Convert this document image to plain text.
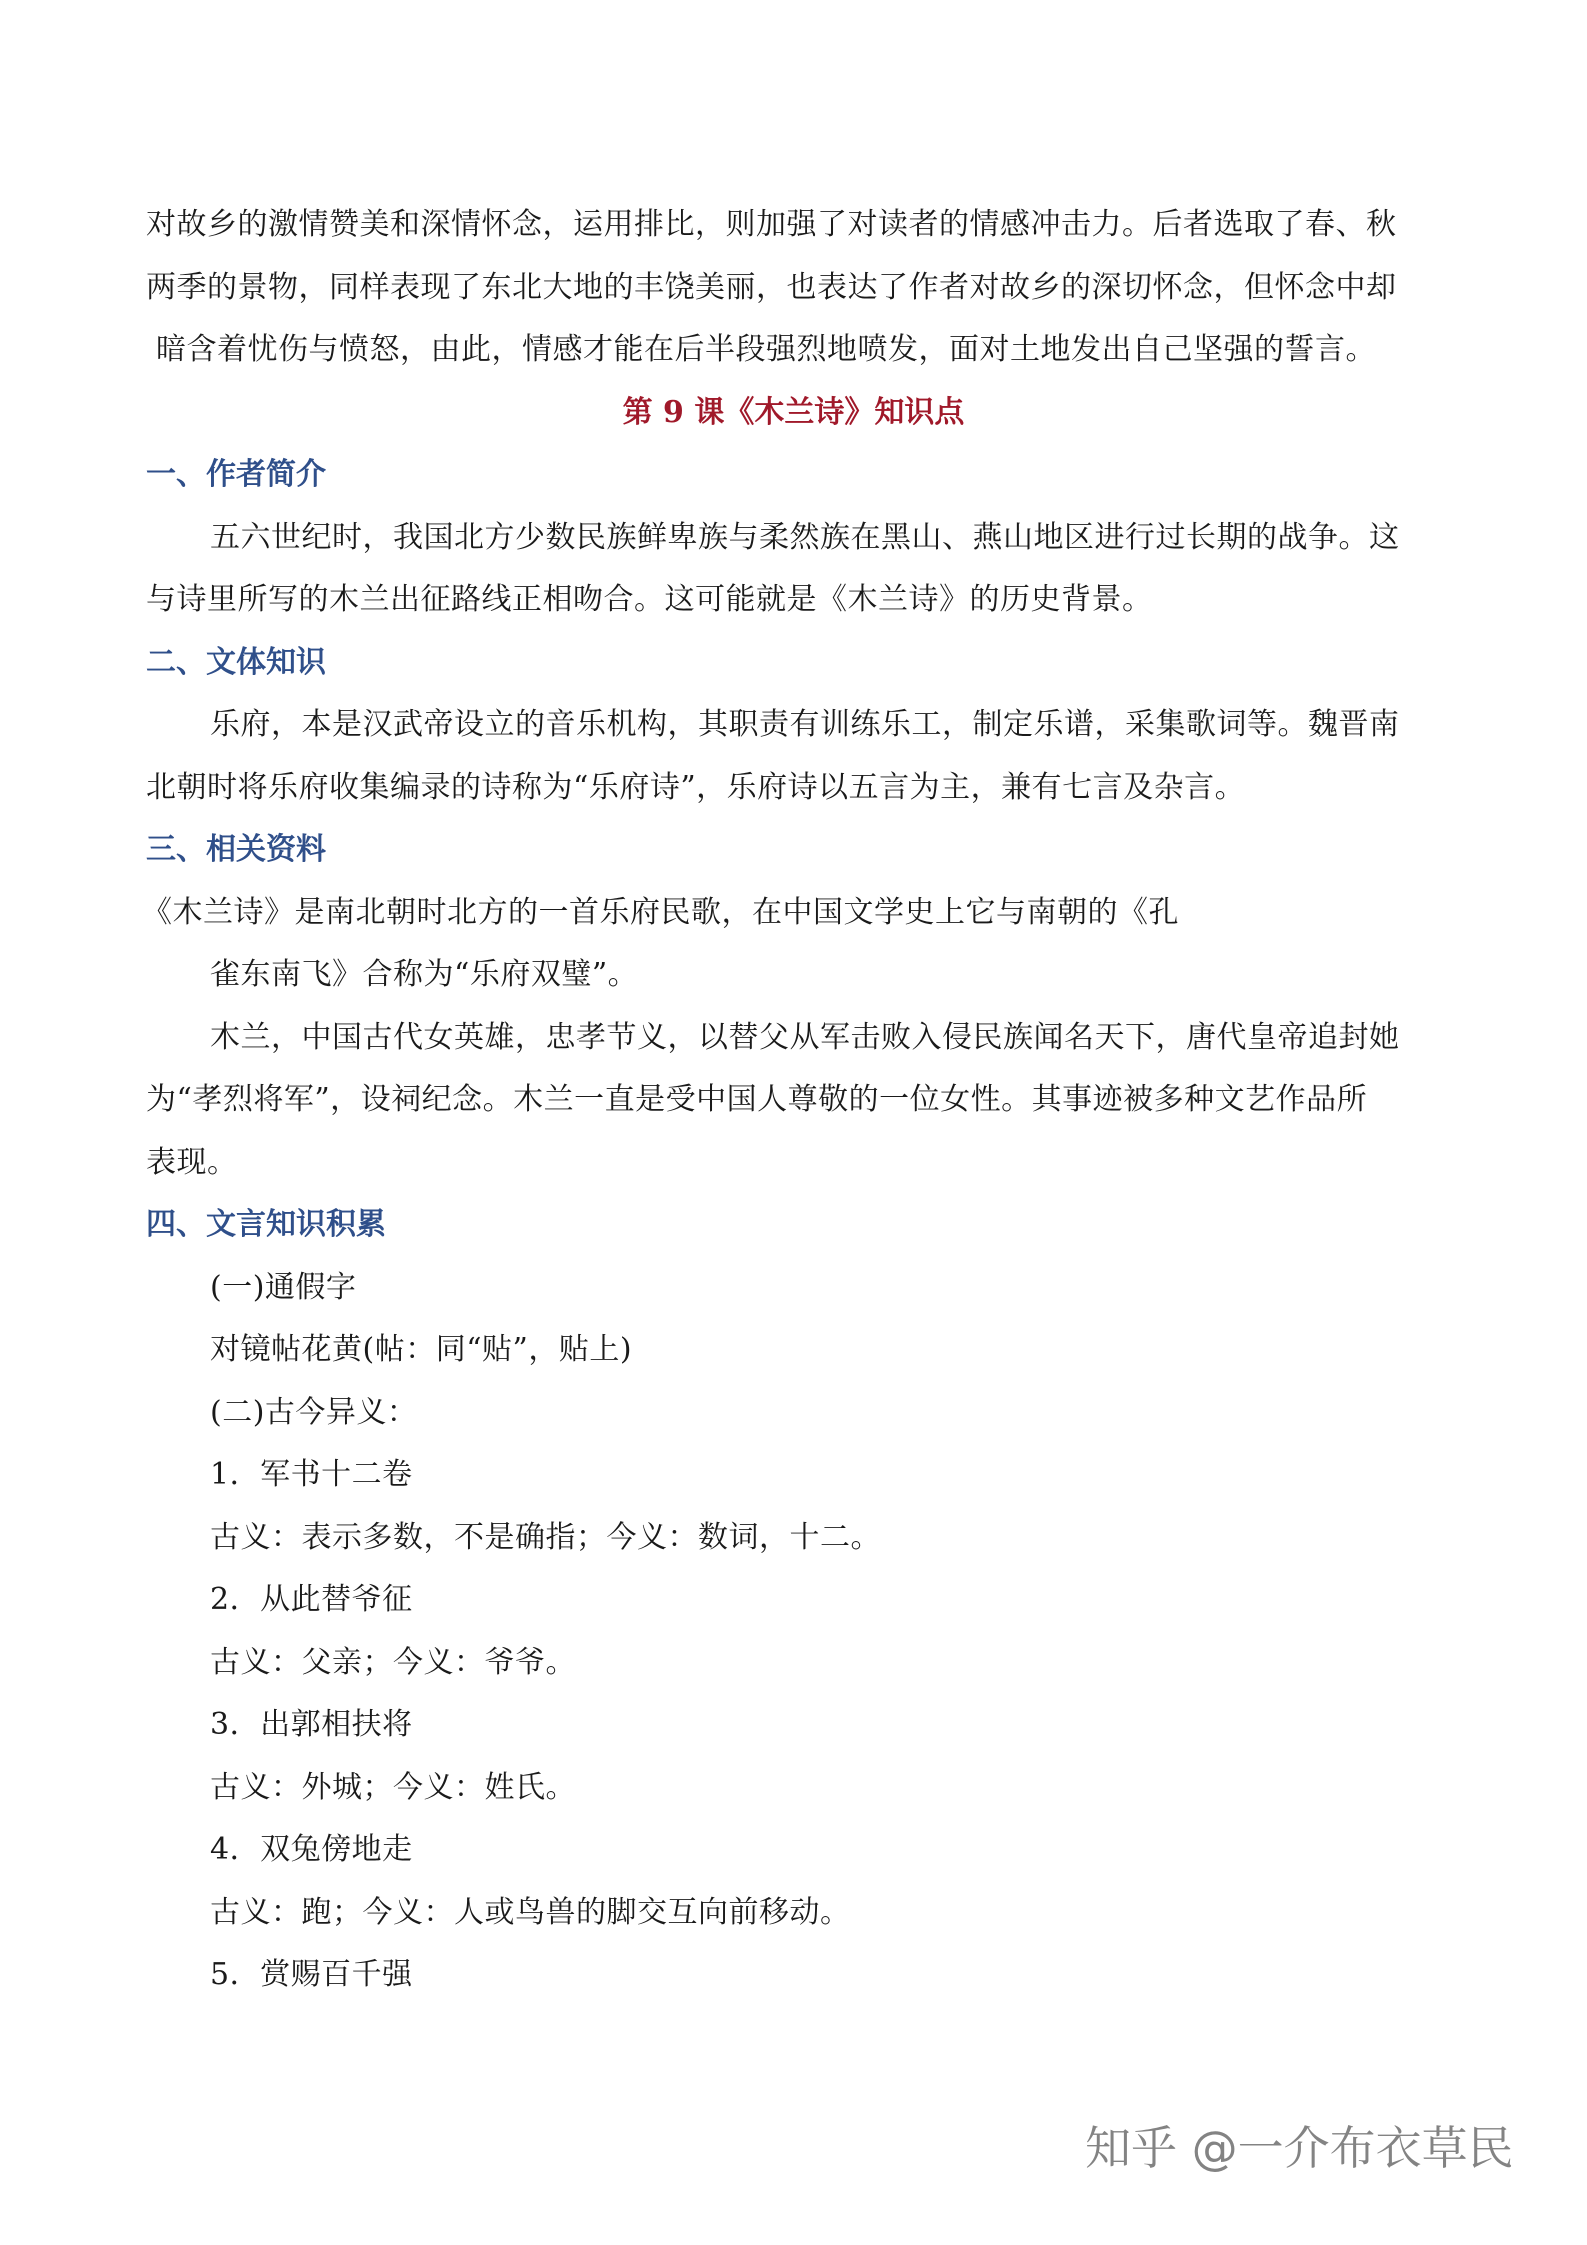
对故乡的激情赞美和深情怀念，运用排比，则加强了对读者的情感冲击力。后者选取了春、秋
两季的景物，同样表现了东北大地的丰饶美丽，也表达了作者对故乡的深切怀念，但怀念中却
暗含着忧伤与愤怒，由此，情感才能在后半段强烈地喷发，面对土地发出自己坚强的誓言。
第 9 课《木兰诗》知识点
一、作者简介
五六世纪时，我国北方少数民族鲜卑族与柔然族在黑山、燕山地区进行过长期的战争。这
与诗里所写的木兰出征路线正相吻合。这可能就是《木兰诗》的历史背景。
二、文体知识
乐府，本是汉武帝设立的音乐机构，其职责有训练乐工，制定乐谱，采集歌词等。魏晋南
北朝时将乐府收集编录的诗称为“乐府诗”，乐府诗以五言为主，兼有七言及杂言。
三、相关资料
《木兰诗》是南北朝时北方的一首乐府民歌，在中国文学史上它与南朝的《孔
雀东南飞》合称为“乐府双璧”。
木兰，中国古代女英雄，忠孝节义，以替父从军击败入侵民族闻名天下，唐代皇帝追封她
为“孝烈将军”，设祠纪念。木兰一直是受中国人尊敬的一位女性。其事迹被多种文艺作品所
表现。
四、文言知识积累
(一)通假字
对镜帖花黄(帖：同“贴”，贴上)
(二)古今异义：
1．军书十二卷
古义：表示多数，不是确指；今义：数词，十二。
2．从此替爷征
古义：父亲；今义：爷爷。
3．出郭相扶将
古义：外城；今义：姓氏。
4．双兔傍地走
古义：跑；今义：人或鸟兽的脚交互向前移动。
5．赏赐百千强
知乎 @一介布衣草民
